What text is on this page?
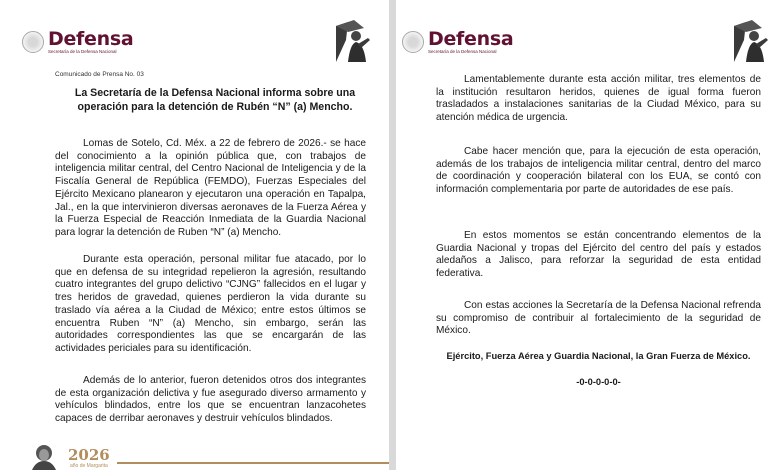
Defensa
Secretaría de la Defensa Nacional
Comunicado de Prensa No. 03
La Secretaría de la Defensa Nacional informa sobre una operación para la detención de Rubén “N” (a) Mencho.

Lomas de Sotelo, Cd. Méx. a 22 de febrero de 2026.- se hace del conocimiento a la opinión pública que, con trabajos de inteligencia militar central, del Centro Nacional de Inteligencia y de la Fiscalía General de República (FEMDO), Fuerzas Especiales del Ejército Mexicano planearon y ejecutaron una operación en Tapalpa, Jal., en la que intervinieron diversas aeronaves de la Fuerza Aérea y la Fuerza Especial de Reacción Inmediata de la Guardia Nacional para lograr la detención de Ruben “N” (a) Mencho.

Durante esta operación, personal militar fue atacado, por lo que en defensa de su integridad repelieron la agresión, resultando cuatro integrantes del grupo delictivo “CJNG” fallecidos en el lugar y tres heridos de gravedad, quienes perdieron la vida durante su traslado vía aérea a la Ciudad de México; entre estos últimos se encuentra Ruben “N” (a) Mencho, sin embargo, serán las autoridades correspondientes las que se encargarán de las actividades periciales para su identificación.

Además de lo anterior, fueron detenidos otros dos integrantes de esta organización delictiva y fue asegurado diverso armamento y vehículos blindados, entre los que se encuentran lanzacohetes capaces de derribar aeronaves y destruir vehículos blindados.

2026
año de Margarita
Defensa
Secretaría de la Defensa Nacional

Lamentablemente durante esta acción militar, tres elementos de la institución resultaron heridos, quienes de igual forma fueron trasladados a instalaciones sanitarias de la Ciudad México, para su atención médica de urgencia.

Cabe hacer mención que, para la ejecución de esta operación, además de los trabajos de inteligencia militar central, dentro del marco de coordinación y cooperación bilateral con los EUA, se contó con información complementaria por parte de autoridades de ese país.

En estos momentos se están concentrando elementos de la Guardia Nacional y tropas del Ejército del centro del país y estados aledaños a Jalisco, para reforzar la seguridad de esta entidad federativa.

Con estas acciones la Secretaría de la Defensa Nacional refrenda su compromiso de contribuir al fortalecimiento de la seguridad de México.

Ejército, Fuerza Aérea y Guardia Nacional, la Gran Fuerza de México.

-0-0-0-0-0-
